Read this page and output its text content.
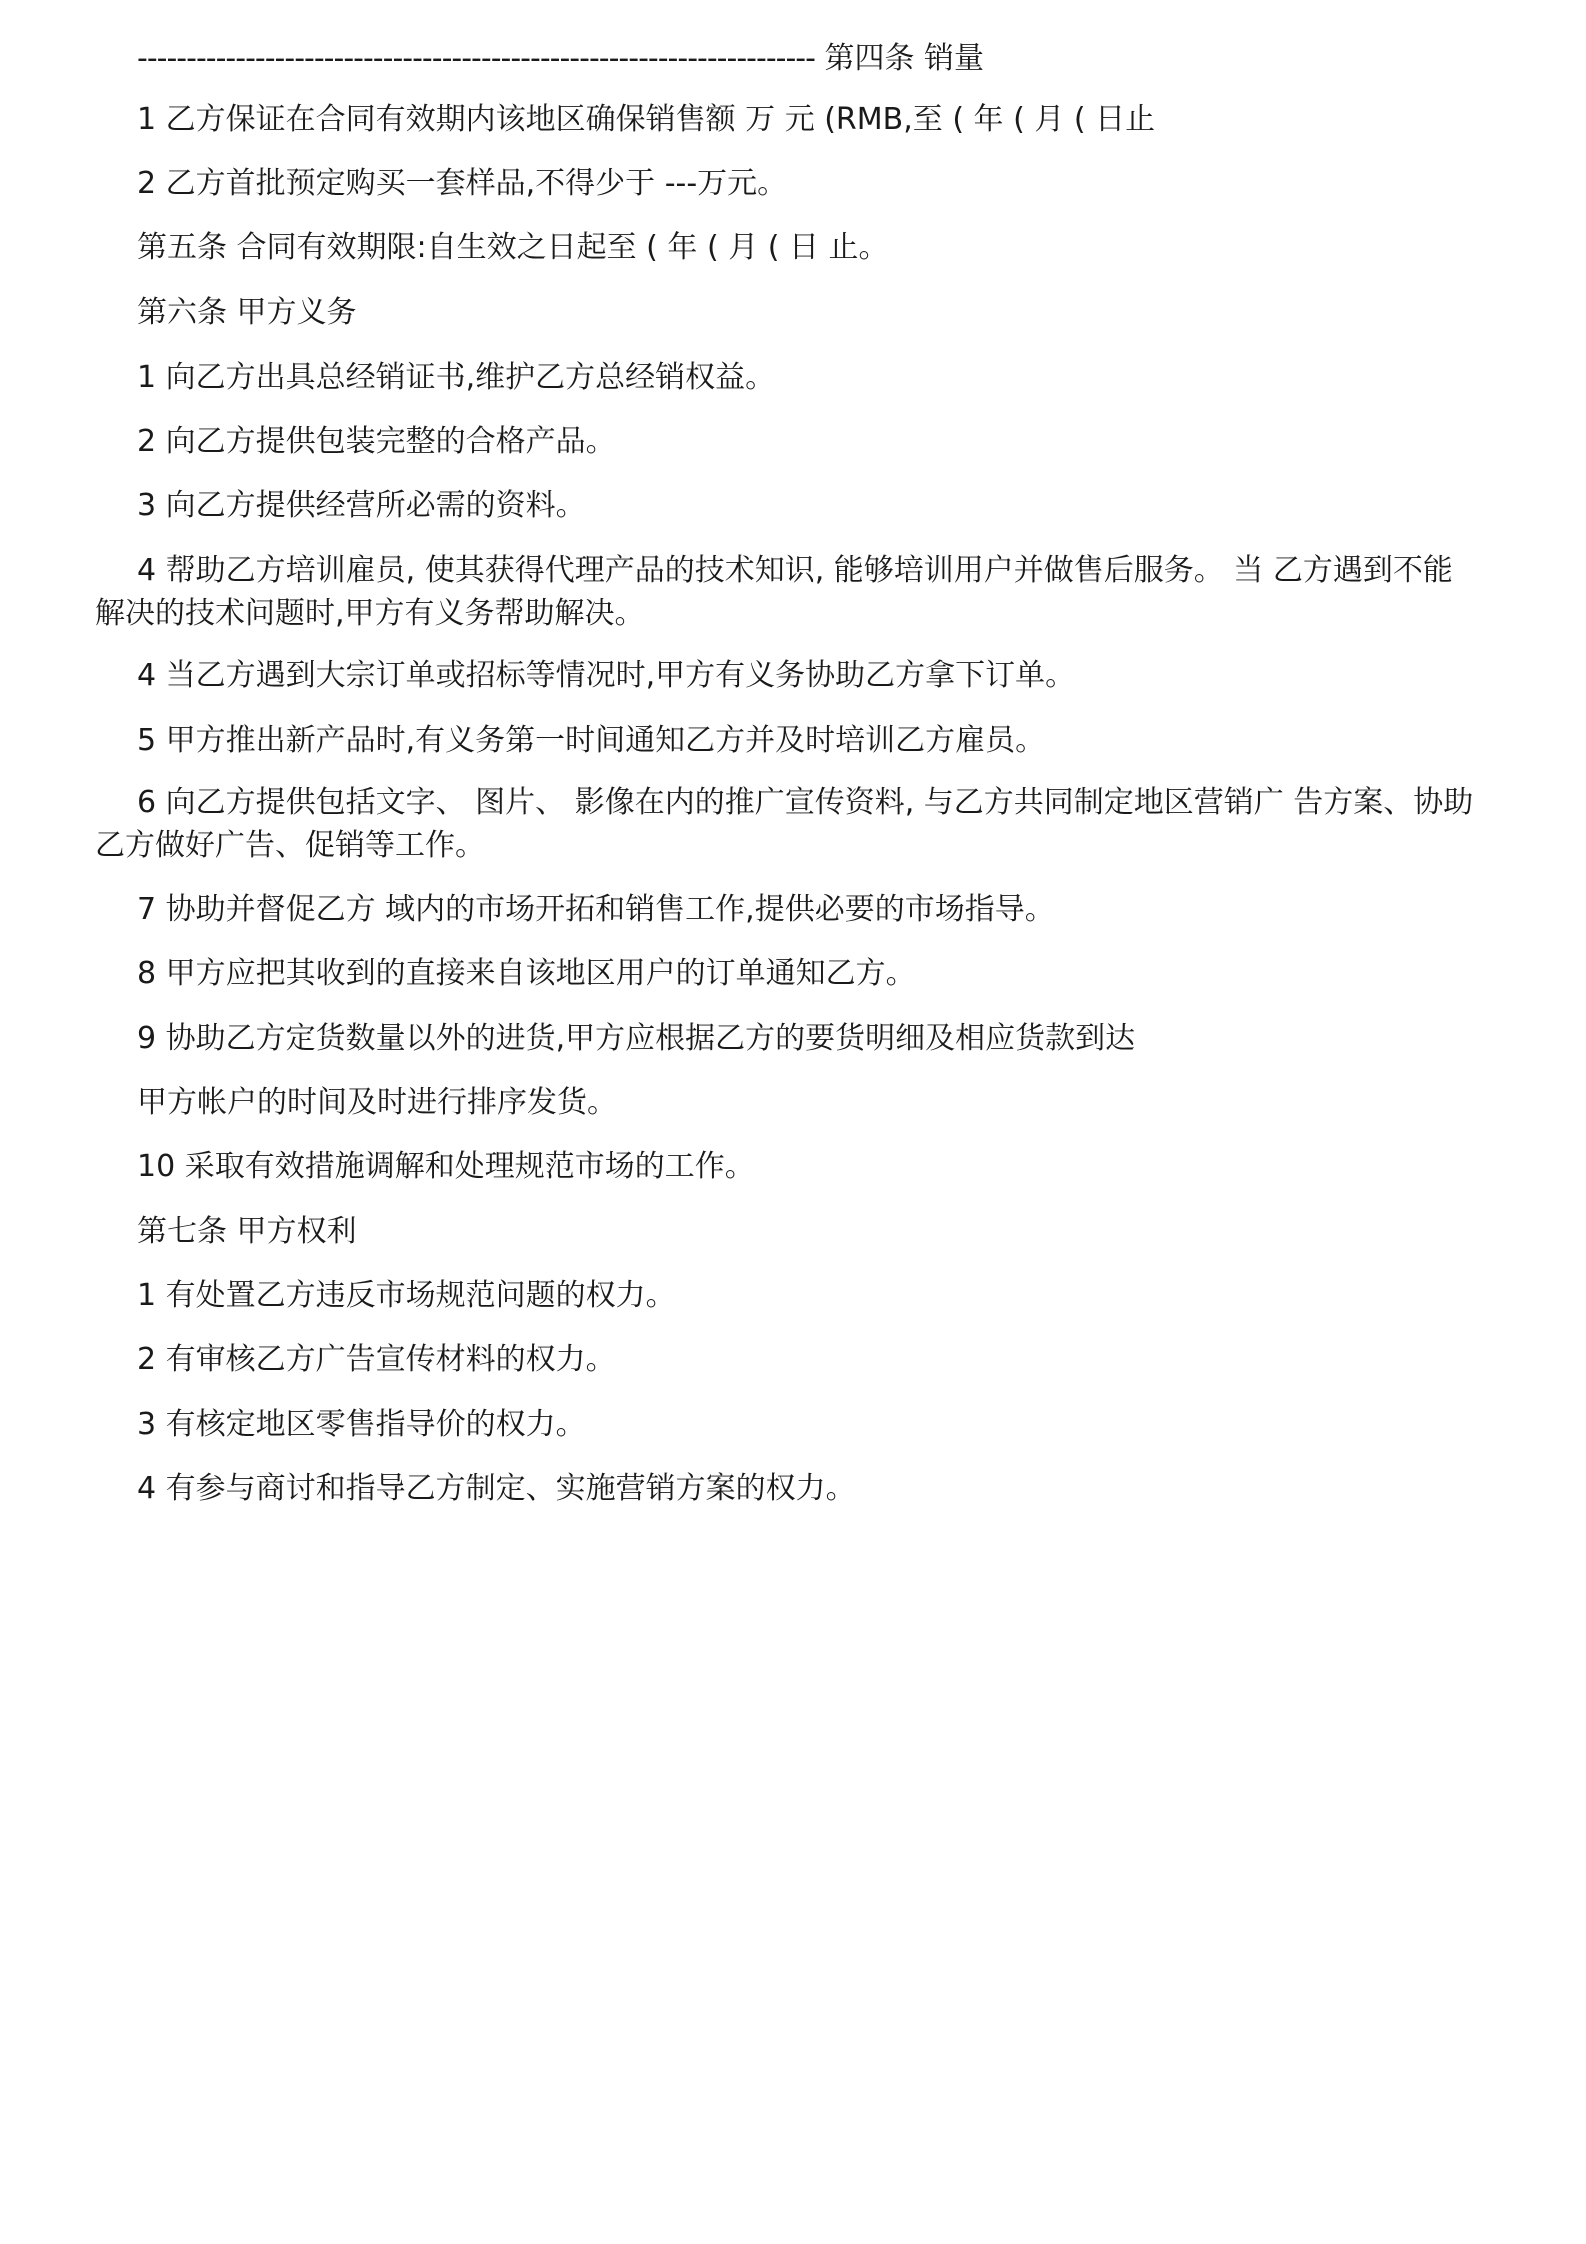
--------------------------------------------------------------------- 第四条 销量
1 乙方保证在合同有效期内该地区确保销售额 万 元 (RMB,至 ( 年 ( 月 ( 日止
2 乙方首批预定购买一套样品,不得少于 ---万元。
第五条 合同有效期限:自生效之日起至 ( 年 ( 月 ( 日 止。
第六条 甲方义务
1 向乙方出具总经销证书,维护乙方总经销权益。
2 向乙方提供包装完整的合格产品。
3 向乙方提供经营所必需的资料。
4 帮助乙方培训雇员, 使其获得代理产品的技术知识, 能够培训用户并做售后服务。 当 乙方遇到不能解决的技术问题时,甲方有义务帮助解决。
4 当乙方遇到大宗订单或招标等情况时,甲方有义务协助乙方拿下订单。
5 甲方推出新产品时,有义务第一时间通知乙方并及时培训乙方雇员。
6 向乙方提供包括文字、 图片、 影像在内的推广宣传资料, 与乙方共同制定地区营销广 告方案、协助乙方做好广告、促销等工作。
7 协助并督促乙方 域内的市场开拓和销售工作,提供必要的市场指导。
8 甲方应把其收到的直接来自该地区用户的订单通知乙方。
9 协助乙方定货数量以外的进货,甲方应根据乙方的要货明细及相应货款到达
甲方帐户的时间及时进行排序发货。
10 采取有效措施调解和处理规范市场的工作。
第七条 甲方权利
1 有处置乙方违反市场规范问题的权力。
2 有审核乙方广告宣传材料的权力。
3 有核定地区零售指导价的权力。
4 有参与商讨和指导乙方制定、实施营销方案的权力。
